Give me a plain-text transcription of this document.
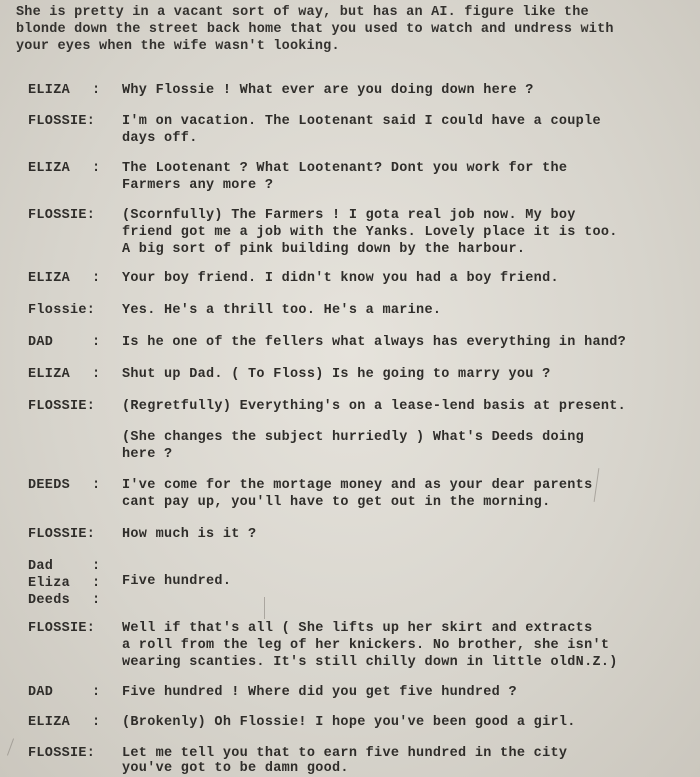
She is pretty in a vacant sort of way, but has an AI. figure like the
blonde down the street back home that you used to watch and undress with
your eyes when the wife wasn't looking.
ELIZA : Why Flossie ! What ever are you doing down here ?
FLOSSIE: I'm on vacation. The Lootenant said I could have a couple
days off.
ELIZA : The Lootenant ? What Lootenant? Dont you work for the
Farmers any more ?
FLOSSIE: (Scornfully) The Farmers ! I gota real job now. My boy
friend got me a job with the Yanks. Lovely place it is too.
A big sort of pink building down by the harbour.
ELIZA : Your boy friend. I didn't know you had a boy friend.
Flossie: Yes. He's a thrill too. He's a marine.
DAD	: Is he one of the fellers what always has everything in hand?
ELIZA : Shut up Dad. ( To Floss) Is he going to marry you ?
FLOSSIE: (Regretfully) Everything's on a lease-lend basis at present.
(She changes the subject hurriedly ) What's Deeds doing
here ?
DEEDS : I've come for the mortage money and as your dear parents
cant pay up, you'll have to get out in the morning.
FLOSSIE: How much is it ?
Dad
Eliza
Deeds
:
:
:
Five hundred.
FLOSSIE: Well if that's all ( She lifts up her skirt and extracts
a roll from the leg of her knickers. No brother, she isn't
wearing scanties. It's still chilly down in little oldN.Z.)
DAD	: Five hundred ! Where did you get five hundred ?
ELIZA : (Brokenly) Oh Flossie! I hope you've been good a girl.
FLOSSIE: Let me tell you that to earn five hundred in the city
you've got to be damn good.
